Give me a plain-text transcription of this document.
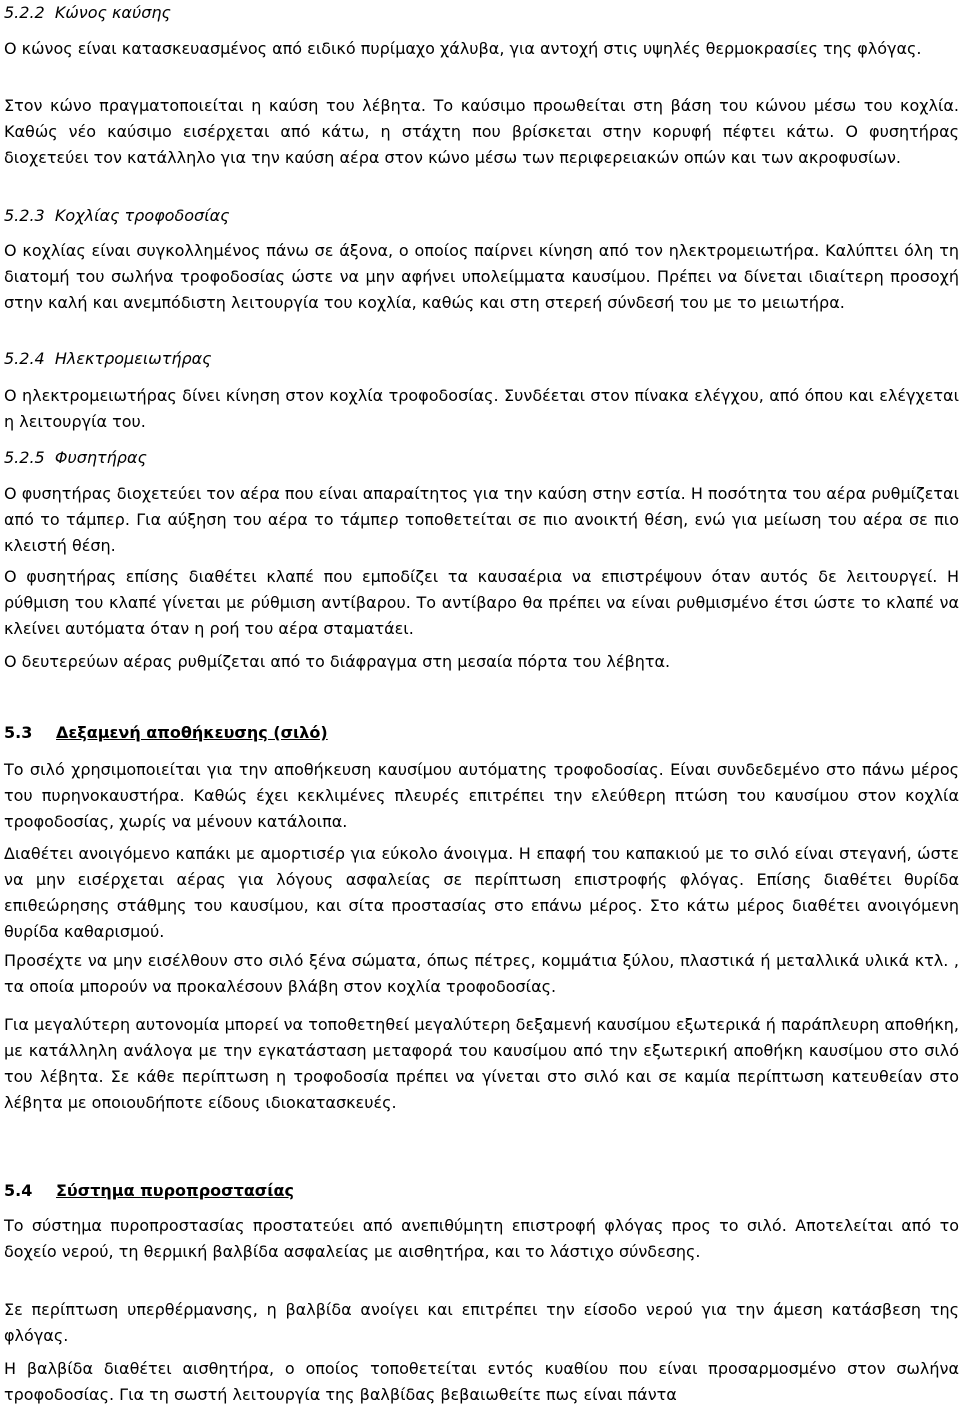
5.2.2 Κώνος καύσης

Ο κώνος είναι κατασκευασμένος από ειδικό πυρίμαχο χάλυβα, για αντοχή στις υψηλές θερμοκρασίες της φλόγας.

Στον κώνο πραγματοποιείται η καύση του λέβητα. Το καύσιμο προωθείται στη βάση του κώνου μέσω του κοχλία. Καθώς νέο καύσιμο εισέρχεται από κάτω, η στάχτη που βρίσκεται στην κορυφή πέφτει κάτω. Ο φυσητήρας διοχετεύει τον κατάλληλο για την καύση αέρα στον κώνο μέσω των περιφερειακών οπών και των ακροφυσίων.

5.2.3 Κοχλίας τροφοδοσίας

Ο κοχλίας είναι συγκολλημένος πάνω σε άξονα, ο οποίος παίρνει κίνηση από τον ηλεκτρομειωτήρα. Καλύπτει όλη τη διατομή του σωλήνα τροφοδοσίας ώστε να μην αφήνει υπολείμματα καυσίμου. Πρέπει να δίνεται ιδιαίτερη προσοχή στην καλή και ανεμπόδιστη λειτουργία του κοχλία, καθώς και στη στερεή σύνδεσή του με το μειωτήρα.

5.2.4 Ηλεκτρομειωτήρας

Ο ηλεκτρομειωτήρας δίνει κίνηση στον κοχλία τροφοδοσίας. Συνδέεται στον πίνακα ελέγχου, από όπου και ελέγχεται η λειτουργία του.

5.2.5 Φυσητήρας

Ο φυσητήρας διοχετεύει τον αέρα που είναι απαραίτητος για την καύση στην εστία. Η ποσότητα του αέρα ρυθμίζεται από το τάμπερ. Για αύξηση του αέρα το τάμπερ τοποθετείται σε πιο ανοικτή θέση, ενώ για μείωση του αέρα σε πιο κλειστή θέση.

Ο φυσητήρας επίσης διαθέτει κλαπέ που εμποδίζει τα καυσαέρια να επιστρέψουν όταν αυτός δε λειτουργεί. Η ρύθμιση του κλαπέ γίνεται με ρύθμιση αντίβαρου. Το αντίβαρο θα πρέπει να είναι ρυθμισμένο έτσι ώστε το κλαπέ να κλείνει αυτόματα όταν η ροή του αέρα σταματάει.

Ο δευτερεύων αέρας ρυθμίζεται από το διάφραγμα στη μεσαία πόρτα του λέβητα.

5.3 Δεξαμενή αποθήκευσης (σιλό)

Το σιλό χρησιμοποιείται για την αποθήκευση καυσίμου αυτόματης τροφοδοσίας. Είναι συνδεδεμένο στο πάνω μέρος του πυρηνοκαυστήρα. Καθώς έχει κεκλιμένες πλευρές επιτρέπει την ελεύθερη πτώση του καυσίμου στον κοχλία τροφοδοσίας, χωρίς να μένουν κατάλοιπα.

Διαθέτει ανοιγόμενο καπάκι με αμορτισέρ για εύκολο άνοιγμα. Η επαφή του καπακιού με το σιλό είναι στεγανή, ώστε να μην εισέρχεται αέρας για λόγους ασφαλείας σε περίπτωση επιστροφής φλόγας. Επίσης διαθέτει θυρίδα επιθεώρησης στάθμης του καυσίμου, και σίτα προστασίας στο επάνω μέρος. Στο κάτω μέρος διαθέτει ανοιγόμενη θυρίδα καθαρισμού.

Προσέχτε να μην εισέλθουν στο σιλό ξένα σώματα, όπως πέτρες, κομμάτια ξύλου, πλαστικά ή μεταλλικά υλικά κτλ. , τα οποία μπορούν να προκαλέσουν βλάβη στον κοχλία τροφοδοσίας.

Για μεγαλύτερη αυτονομία μπορεί να τοποθετηθεί μεγαλύτερη δεξαμενή καυσίμου εξωτερικά ή παράπλευρη αποθήκη, με κατάλληλη ανάλογα με την εγκατάσταση μεταφορά του καυσίμου από την εξωτερική αποθήκη καυσίμου στο σιλό του λέβητα. Σε κάθε περίπτωση η τροφοδοσία πρέπει να γίνεται στο σιλό και σε καμία περίπτωση κατευθείαν στο λέβητα με οποιουδήποτε είδους ιδιοκατασκευές.

5.4 Σύστημα πυροπροστασίας

Το σύστημα πυροπροστασίας προστατεύει από ανεπιθύμητη επιστροφή φλόγας προς το σιλό. Αποτελείται από το δοχείο νερού, τη θερμική βαλβίδα ασφαλείας με αισθητήρα, και το λάστιχο σύνδεσης.

Σε περίπτωση υπερθέρμανσης, η βαλβίδα ανοίγει και επιτρέπει την είσοδο νερού για την άμεση κατάσβεση της φλόγας.

Η βαλβίδα διαθέτει αισθητήρα, ο οποίος τοποθετείται εντός κυαθίου που είναι προσαρμοσμένο στον σωλήνα τροφοδοσίας. Για τη σωστή λειτουργία της βαλβίδας βεβαιωθείτε πως είναι πάντα
